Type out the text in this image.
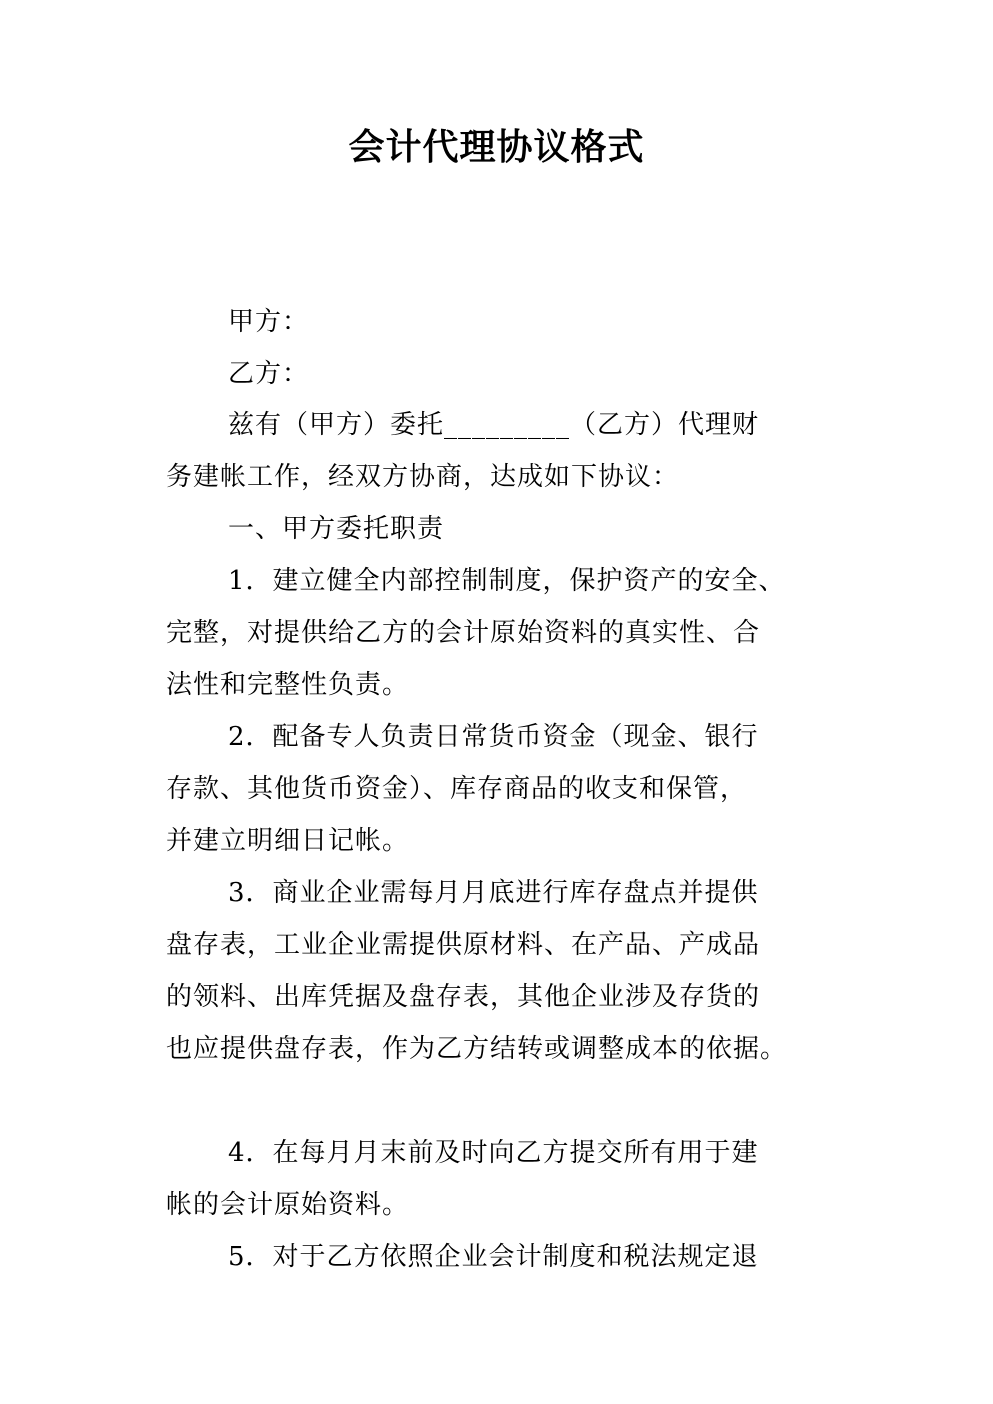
会计代理协议格式
甲方：
乙方：
兹有（甲方）委托_________（乙方）代理财
务建帐工作，经双方协商，达成如下协议：
一、甲方委托职责
1．建立健全内部控制制度，保护资产的安全、
完整，对提供给乙方的会计原始资料的真实性、合
法性和完整性负责。
2．配备专人负责日常货币资金（现金、银行
存款、其他货币资金）、库存商品的收支和保管，
并建立明细日记帐。
3．商业企业需每月月底进行库存盘点并提供
盘存表，工业企业需提供原材料、在产品、产成品
的领料、出库凭据及盘存表，其他企业涉及存货的
也应提供盘存表，作为乙方结转或调整成本的依据。
4．在每月月末前及时向乙方提交所有用于建
帐的会计原始资料。
5．对于乙方依照企业会计制度和税法规定退
